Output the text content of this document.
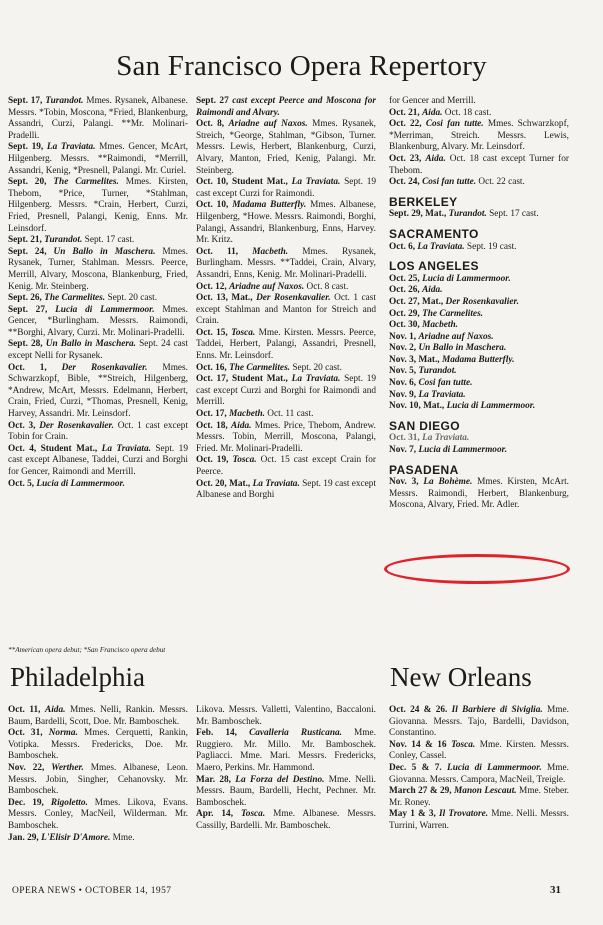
San Francisco Opera Repertory

Sept. 17, Turandot. Mmes. Rysanek, Albanese. Messrs. *Tobin, Moscona, *Fried, Blankenburg, Assandri, Curzi, Palangi. **Mr. Molinari-Pradelli.

Sept. 19, La Traviata. Mmes. Gencer, McArt, Hilgenberg. Messrs. **Raimondi, *Merrill, Assandri, Kenig, *Presnell, Palangi. Mr. Curiel.

Sept. 20, The Carmelites. Mmes. Kirsten, Thebom, *Price, Turner, *Stahlman, Hilgenberg. Messrs. *Crain, Herbert, Curzi, Fried, Presnell, Palangi, Kenig, Enns. Mr. Leinsdorf.

Sept. 21, Turandot. Sept. 17 cast.

Sept. 24, Un Ballo in Maschera. Mmes. Rysanek, Turner, Stahlman. Messrs. Peerce, Merrill, Alvary, Moscona, Blankenburg, Fried, Kenig. Mr. Steinberg.

Sept. 26, The Carmelites. Sept. 20 cast.

Sept. 27, Lucia di Lammermoor. Mmes. Gencer, *Burlingham. Messrs. Raimondi, **Borghi, Alvary, Curzi. Mr. Molinari-Pradelli.

Sept. 28, Un Ballo in Maschera. Sept. 24 cast except Nelli for Rysanek.

Oct. 1, Der Rosenkavalier. Mmes. Schwarzkopf, Bible, **Streich, Hilgenberg, *Andrew, McArt, Messrs. Edelmann, Herbert, Crain, Fried, Curzi, *Thomas, Presnell, Kenig, Harvey, Assandri. Mr. Leinsdorf.

Oct. 3, Der Rosenkavalier. Oct. 1 cast except Tobin for Crain.

Oct. 4, Student Mat., La Traviata. Sept. 19 cast except Albanese, Taddei, Curzi and Borghi for Gencer, Raimondi and Merrill.

Oct. 5, Lucia di Lammermoor.

Sept. 27 cast except Peerce and Moscona for Raimondi and Alvary.

Oct. 8, Ariadne auf Naxos. Mmes. Rysanek, Streich, *George, Stahlman, *Gibson, Turner. Messrs. Lewis, Herbert, Blankenburg, Curzi, Alvary, Manton, Fried, Kenig, Palangi. Mr. Steinberg.

Oct. 10, Student Mat., La Traviata. Sept. 19 cast except Curzi for Raimondi.

Oct. 10, Madama Butterfly. Mmes. Albanese, Hilgenberg, *Howe. Messrs. Raimondi, Borghi, Palangi, Assandri, Blankenburg, Enns, Harvey. Mr. Kritz.

Oct. 11, Macbeth. Mmes. Rysanek, Burlingham. Messrs. **Taddei, Crain, Alvary, Assandri, Enns, Kenig. Mr. Molinari-Pradelli.

Oct. 12, Ariadne auf Naxos. Oct. 8 cast.

Oct. 13, Mat., Der Rosenkavalier. Oct. 1 cast except Stahlman and Manton for Streich and Crain.

Oct. 15, Tosca. Mme. Kirsten. Messrs. Peerce, Taddei, Herbert, Palangi, Assandri, Presnell, Enns. Mr. Leinsdorf.

Oct. 16, The Carmelites. Sept. 20 cast.

Oct. 17, Student Mat., La Traviata. Sept. 19 cast except Curzi and Borghi for Raimondi and Merrill.

Oct. 17, Macbeth. Oct. 11 cast.

Oct. 18, Aida. Mmes. Price, Thebom, Andrew. Messrs. Tobin, Merrill, Moscona, Palangi, Fried. Mr. Molinari-Pradelli.

Oct. 19, Tosca. Oct. 15 cast except Crain for Peerce.

Oct. 20, Mat., La Traviata. Sept. 19 cast except Albanese and Borghi

for Gencer and Merrill.

Oct. 21, Aida. Oct. 18 cast.

Oct. 22, Cosi fan tutte. Mmes. Schwarzkopf, *Merriman, Streich. Messrs. Lewis, Blankenburg, Alvary. Mr. Leinsdorf.

Oct. 23, Aida. Oct. 18 cast except Turner for Thebom.

Oct. 24, Cosi fan tutte. Oct. 22 cast.

BERKELEY

Sept. 29, Mat., Turandot. Sept. 17 cast.

SACRAMENTO

Oct. 6, La Traviata. Sept. 19 cast.

LOS ANGELES

Oct. 25, Lucia di Lammermoor.

Oct. 26, Aida.

Oct. 27, Mat., Der Rosenkavalier.

Oct. 29, The Carmelites.

Oct. 30, Macbeth.

Nov. 1, Ariadne auf Naxos.

Nov. 2, Un Ballo in Maschera.

Nov. 3, Mat., Madama Butterfly.

Nov. 5, Turandot.

Nov. 6, Cosi fan tutte.

Nov. 9, La Traviata.

Nov. 10, Mat., Lucia di Lammermoor.

SAN DIEGO

Oct. 31, La Traviata.

Nov. 7, Lucia di Lammermoor.

PASADENA

Nov. 3, La Bohème. Mmes. Kirsten, McArt. Messrs. Raimondi, Herbert, Blankenburg, Moscona, Alvary, Fried. Mr. Adler.

**American opera debut; *San Francisco opera debut
Philadelphia

Oct. 11, Aida. Mmes. Nelli, Rankin. Messrs. Baum, Bardelli, Scott, Doe. Mr. Bamboschek.

Oct. 31, Norma. Mmes. Cerquetti, Rankin, Votipka. Messrs. Fredericks, Doe. Mr. Bamboschek.

Nov. 22, Werther. Mmes. Albanese, Leon. Messrs. Jobin, Singher, Cehanovsky. Mr. Bamboschek.

Dec. 19, Rigoletto. Mmes. Likova, Evans. Messrs. Conley, MacNeil, Wilderman. Mr. Bamboschek.

Jan. 29, L'Elisir D'Amore. Mme.

Likova. Messrs. Valletti, Valentino, Baccaloni. Mr. Bamboschek.

Feb. 14, Cavalleria Rusticana. Mme. Ruggiero. Mr. Millo. Mr. Bamboschek. Pagliacci. Mme. Mari. Messrs. Fredericks, Maero, Perkins. Mr. Hammond.

Mar. 28, La Forza del Destino. Mme. Nelli. Messrs. Baum, Bardelli, Hecht, Pechner. Mr. Bamboschek.

Apr. 14, Tosca. Mme. Albanese. Messrs. Cassilly, Bardelli. Mr. Bamboschek.

New Orleans

Oct. 24 & 26. Il Barbiere di Siviglia. Mme. Giovanna. Messrs. Tajo, Bardelli, Davidson, Constantino.

Nov. 14 & 16 Tosca. Mme. Kirsten. Messrs. Conley, Cassel.

Dec. 5 & 7. Lucia di Lammermoor. Mme. Giovanna. Messrs. Campora, MacNeil, Treigle.

March 27 & 29, Manon Lescaut. Mme. Steber. Mr. Roney.

May 1 & 3, Il Trovatore. Mme. Nelli. Messrs. Turrini, Warren.

OPERA NEWS • OCTOBER 14, 1957	31
